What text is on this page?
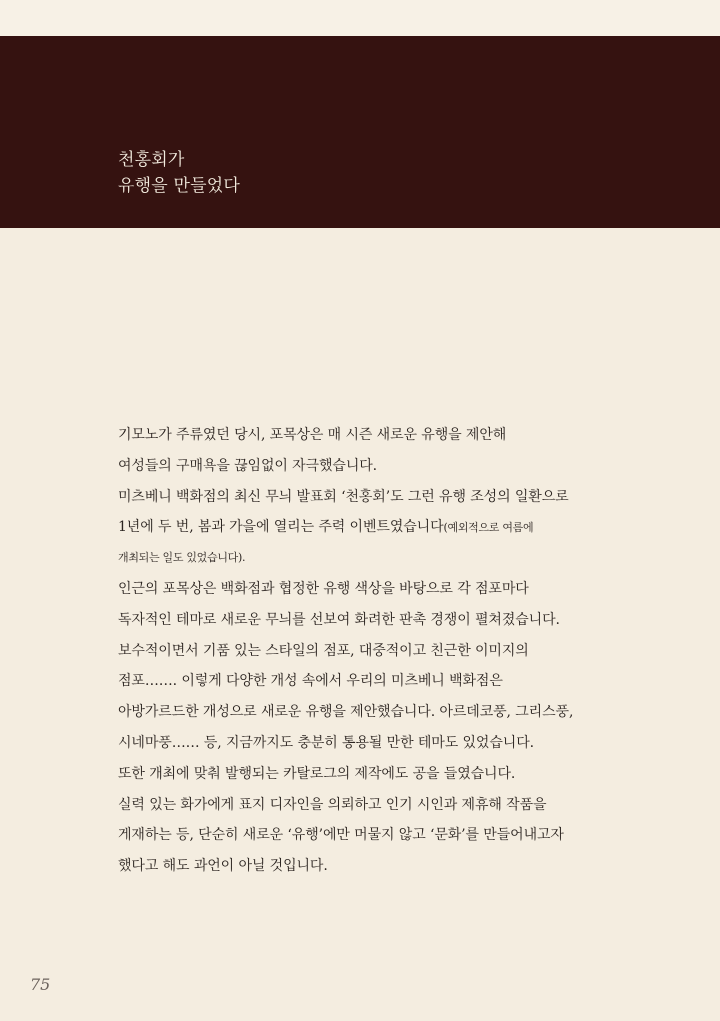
천홍회가
유행을 만들었다
기모노가 주류였던 당시, 포목상은 매 시즌 새로운 유행을 제안해
여성들의 구매욕을 끊임없이 자극했습니다.
미츠베니 백화점의 최신 무늬 발표회 ‘천홍회’도 그런 유행 조성의 일환으로
1년에 두 번, 봄과 가을에 열리는 주력 이벤트였습니다(예외적으로 여름에
개최되는 일도 있었습니다).
인근의 포목상은 백화점과 협정한 유행 색상을 바탕으로 각 점포마다
독자적인 테마로 새로운 무늬를 선보여 화려한 판촉 경쟁이 펼쳐졌습니다.
보수적이면서 기품 있는 스타일의 점포, 대중적이고 친근한 이미지의
점포……. 이렇게 다양한 개성 속에서 우리의 미츠베니 백화점은
아방가르드한 개성으로 새로운 유행을 제안했습니다. 아르데코풍, 그리스풍,
시네마풍…… 등, 지금까지도 충분히 통용될 만한 테마도 있었습니다.
또한 개최에 맞춰 발행되는 카탈로그의 제작에도 공을 들였습니다.
실력 있는 화가에게 표지 디자인을 의뢰하고 인기 시인과 제휴해 작품을
게재하는 등, 단순히 새로운 ‘유행’에만 머물지 않고 ‘문화’를 만들어내고자
했다고 해도 과언이 아닐 것입니다.
75
